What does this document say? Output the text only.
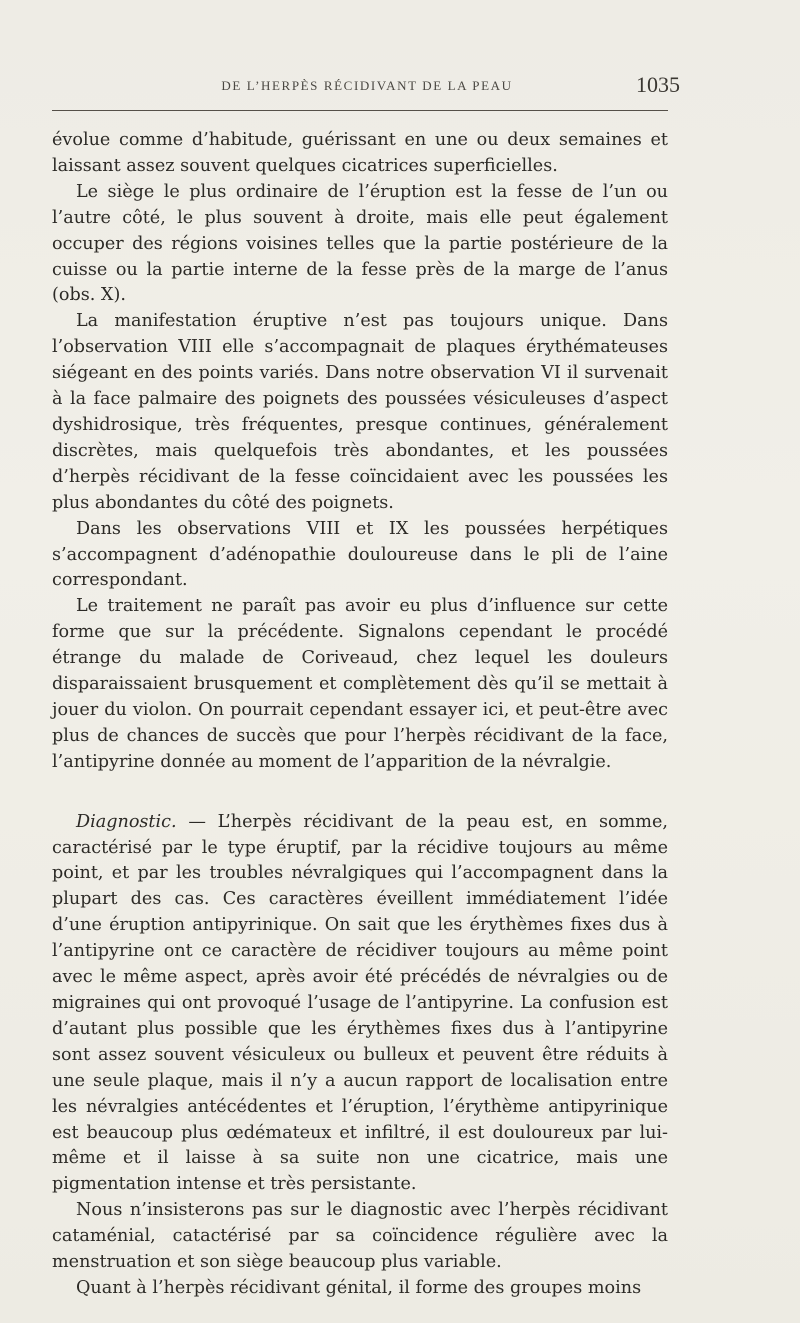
DE L’HERPÈS RÉCIDIVANT DE LA PEAU	1035

évolue comme d’habitude, guérissant en une ou deux semaines et laissant assez souvent quelques cicatrices superficielles.

Le siège le plus ordinaire de l’éruption est la fesse de l’un ou l’autre côté, le plus souvent à droite, mais elle peut également occuper des régions voisines telles que la partie postérieure de la cuisse ou la partie interne de la fesse près de la marge de l’anus (obs. X).

La manifestation éruptive n’est pas toujours unique. Dans l’observation VIII elle s’accompagnait de plaques érythémateuses siégeant en des points variés. Dans notre observation VI il survenait à la face palmaire des poignets des poussées vésiculeuses d’aspect dyshidrosique, très fréquentes, presque continues, généralement discrètes, mais quelquefois très abondantes, et les poussées d’herpès récidivant de la fesse coïncidaient avec les poussées les plus abondantes du côté des poignets.

Dans les observations VIII et IX les poussées herpétiques s’accompagnent d’adénopathie douloureuse dans le pli de l’aine correspondant.

Le traitement ne paraît pas avoir eu plus d’influence sur cette forme que sur la précédente. Signalons cependant le procédé étrange du malade de Coriveaud, chez lequel les douleurs disparaissaient brusquement et complètement dès qu’il se mettait à jouer du violon. On pourrait cependant essayer ici, et peut-être avec plus de chances de succès que pour l’herpès récidivant de la face, l’antipyrine donnée au moment de l’apparition de la névralgie.

Diagnostic. — L’herpès récidivant de la peau est, en somme, caractérisé par le type éruptif, par la récidive toujours au même point, et par les troubles névralgiques qui l’accompagnent dans la plupart des cas. Ces caractères éveillent immédiatement l’idée d’une éruption antipyrinique. On sait que les érythèmes fixes dus à l’antipyrine ont ce caractère de récidiver toujours au même point avec le même aspect, après avoir été précédés de névralgies ou de migraines qui ont provoqué l’usage de l’antipyrine. La confusion est d’autant plus possible que les érythèmes fixes dus à l’antipyrine sont assez souvent vésiculeux ou bulleux et peuvent être réduits à une seule plaque, mais il n’y a aucun rapport de localisation entre les névralgies antécédentes et l’éruption, l’érythème antipyrinique est beaucoup plus œdémateux et infiltré, il est douloureux par lui-même et il laisse à sa suite non une cicatrice, mais une pigmentation intense et très persistante.

Nous n’insisterons pas sur le diagnostic avec l’herpès récidivant cataménial, catactérisé par sa coïncidence régulière avec la menstruation et son siège beaucoup plus variable.

Quant à l’herpès récidivant génital, il forme des groupes moins
